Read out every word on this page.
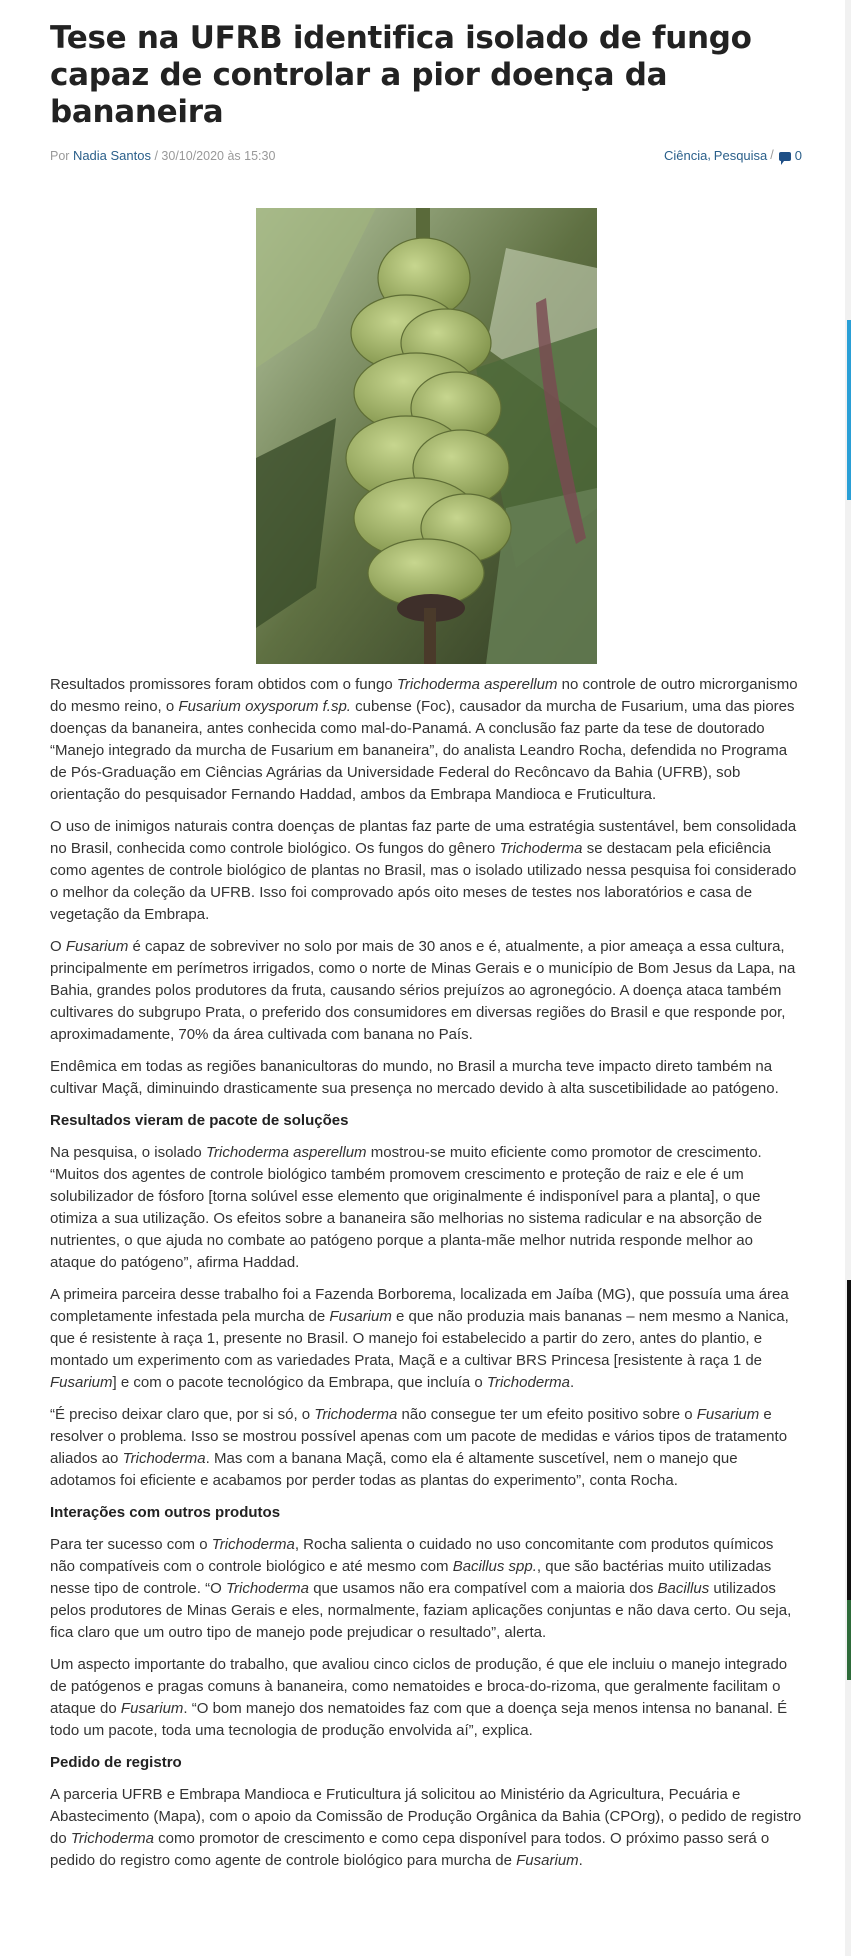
Tese na UFRB identifica isolado de fungo capaz de controlar a pior doença da bananeira
Por Nadia Santos / 30/10/2020 às 15:30	Ciência , Pesquisa / 0

Resultados promissores foram obtidos com o fungo Trichoderma asperellum no controle de outro microrganismo do mesmo reino, o Fusarium oxysporum f.sp. cubense (Foc), causador da murcha de Fusarium, uma das piores doenças da bananeira, antes conhecida como mal-do-Panamá. A conclusão faz parte da tese de doutorado “Manejo integrado da murcha de Fusarium em bananeira”, do analista Leandro Rocha, defendida no Programa de Pós-Graduação em Ciências Agrárias da Universidade Federal do Recôncavo da Bahia (UFRB), sob orientação do pesquisador Fernando Haddad, ambos da Embrapa Mandioca e Fruticultura.

O uso de inimigos naturais contra doenças de plantas faz parte de uma estratégia sustentável, bem consolidada no Brasil, conhecida como controle biológico. Os fungos do gênero Trichoderma se destacam pela eficiência como agentes de controle biológico de plantas no Brasil, mas o isolado utilizado nessa pesquisa foi considerado o melhor da coleção da UFRB. Isso foi comprovado após oito meses de testes nos laboratórios e casa de vegetação da Embrapa.

O Fusarium é capaz de sobreviver no solo por mais de 30 anos e é, atualmente, a pior ameaça a essa cultura, principalmente em perímetros irrigados, como o norte de Minas Gerais e o município de Bom Jesus da Lapa, na Bahia, grandes polos produtores da fruta, causando sérios prejuízos ao agronegócio. A doença ataca também cultivares do subgrupo Prata, o preferido dos consumidores em diversas regiões do Brasil e que responde por, aproximadamente, 70% da área cultivada com banana no País.

Endêmica em todas as regiões bananicultoras do mundo, no Brasil a murcha teve impacto direto também na cultivar Maçã, diminuindo drasticamente sua presença no mercado devido à alta suscetibilidade ao patógeno.

Resultados vieram de pacote de soluções

Na pesquisa, o isolado Trichoderma asperellum mostrou-se muito eficiente como promotor de crescimento. “Muitos dos agentes de controle biológico também promovem crescimento e proteção de raiz e ele é um solubilizador de fósforo [torna solúvel esse elemento que originalmente é indisponível para a planta], o que otimiza a sua utilização. Os efeitos sobre a bananeira são melhorias no sistema radicular e na absorção de nutrientes, o que ajuda no combate ao patógeno porque a planta-mãe melhor nutrida responde melhor ao ataque do patógeno”, afirma Haddad.

A primeira parceira desse trabalho foi a Fazenda Borborema, localizada em Jaíba (MG), que possuía uma área completamente infestada pela murcha de Fusarium e que não produzia mais bananas – nem mesmo a Nanica, que é resistente à raça 1, presente no Brasil. O manejo foi estabelecido a partir do zero, antes do plantio, e montado um experimento com as variedades Prata, Maçã e a cultivar BRS Princesa [resistente à raça 1 de Fusarium] e com o pacote tecnológico da Embrapa, que incluía o Trichoderma.

“É preciso deixar claro que, por si só, o Trichoderma não consegue ter um efeito positivo sobre o Fusarium e resolver o problema. Isso se mostrou possível apenas com um pacote de medidas e vários tipos de tratamento aliados ao Trichoderma. Mas com a banana Maçã, como ela é altamente suscetível, nem o manejo que adotamos foi eficiente e acabamos por perder todas as plantas do experimento”, conta Rocha.

Interações com outros produtos

Para ter sucesso com o Trichoderma, Rocha salienta o cuidado no uso concomitante com produtos químicos não compatíveis com o controle biológico e até mesmo com Bacillus spp., que são bactérias muito utilizadas nesse tipo de controle. “O Trichoderma que usamos não era compatível com a maioria dos Bacillus utilizados pelos produtores de Minas Gerais e eles, normalmente, faziam aplicações conjuntas e não dava certo. Ou seja, fica claro que um outro tipo de manejo pode prejudicar o resultado”, alerta.

Um aspecto importante do trabalho, que avaliou cinco ciclos de produção, é que ele incluiu o manejo integrado de patógenos e pragas comuns à bananeira, como nematoides e broca-do-rizoma, que geralmente facilitam o ataque do Fusarium. “O bom manejo dos nematoides faz com que a doença seja menos intensa no bananal. É todo um pacote, toda uma tecnologia de produção envolvida aí”, explica.

Pedido de registro

A parceria UFRB e Embrapa Mandioca e Fruticultura já solicitou ao Ministério da Agricultura, Pecuária e Abastecimento (Mapa), com o apoio da Comissão de Produção Orgânica da Bahia (CPOrg), o pedido de registro do Trichoderma como promotor de crescimento e como cepa disponível para todos. O próximo passo será o pedido do registro como agente de controle biológico para murcha de Fusarium.
